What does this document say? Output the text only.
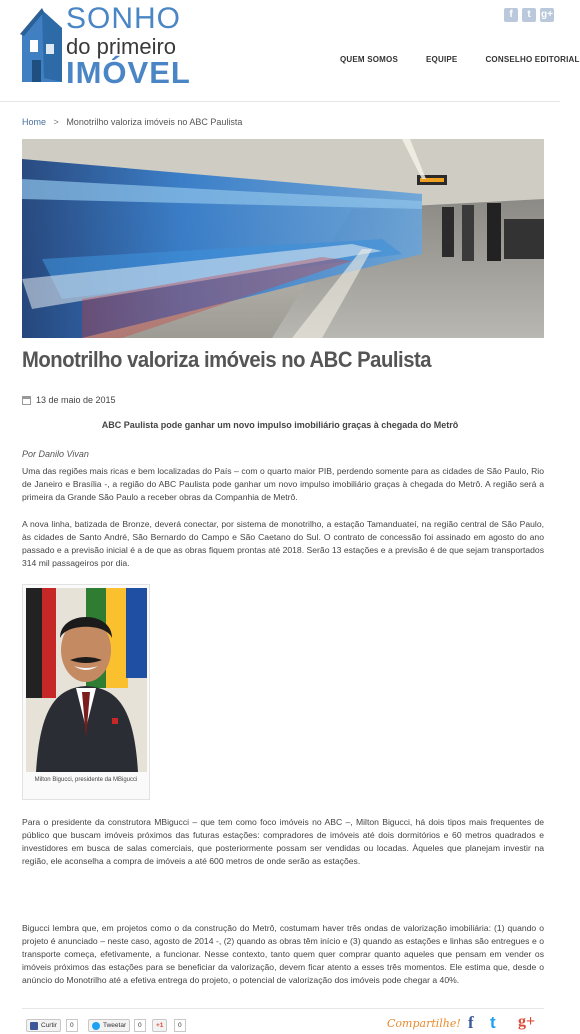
SONHO
do primeiro
IMÓVEL
f	t	g+
QUEM SOMOS	EQUIPE	CONSELHO EDITORIAL
Home > Monotrilho valoriza imóveis no ABC Paulista
Monotrilho valoriza imóveis no ABC Paulista
13 de maio de 2015
ABC Paulista pode ganhar um novo impulso imobiliário graças à chegada do Metrô
Por Danilo Vivan

Uma das regiões mais ricas e bem localizadas do País – com o quarto maior PIB, perdendo somente para as cidades de São Paulo, Rio de Janeiro e Brasília -, a região do ABC Paulista pode ganhar um novo impulso imobiliário graças à chegada do Metrô. A região será a primeira da Grande São Paulo a receber obras da Companhia de Metrô.

A nova linha, batizada de Bronze, deverá conectar, por sistema de monotrilho, a estação Tamanduateí, na região central de São Paulo, às cidades de Santo André, São Bernardo do Campo e São Caetano do Sul. O contrato de concessão foi assinado em agosto do ano passado e a previsão inicial é a de que as obras fiquem prontas até 2018. Serão 13 estações e a previsão é de que sejam transportados 314 mil passageiros por dia.

Milton Bigucci, presidente da MBigucci

Para o presidente da construtora MBigucci – que tem como foco imóveis no ABC –, Milton Bigucci, há dois tipos mais frequentes de público que buscam imóveis próximos das futuras estações: compradores de imóveis até dois dormitórios e 60 metros quadrados e investidores em busca de salas comerciais, que posteriormente possam ser vendidas ou locadas. Àqueles que planejam investir na região, ele aconselha a compra de imóveis a até 600 metros de onde serão as estações.

Bigucci lembra que, em projetos como o da construção do Metrô, costumam haver três ondas de valorização imobiliária: (1) quando o projeto é anunciado – neste caso, agosto de 2014 -, (2) quando as obras têm início e (3) quando as estações e linhas são entregues e o transporte começa, efetivamente, a funcionar. Nesse contexto, tanto quem quer comprar quanto aqueles que pensam em vender os imóveis próximos das estações para se beneficiar da valorização, devem ficar atento a esses três momentos. Ele estima que, desde o anúncio do Monotrilho até a efetiva entrega do projeto, o potencial de valorização dos imóveis pode chegar a 40%.

Curtir	0	Tweetar	0	+1	0	Compartilhe! f t g+
